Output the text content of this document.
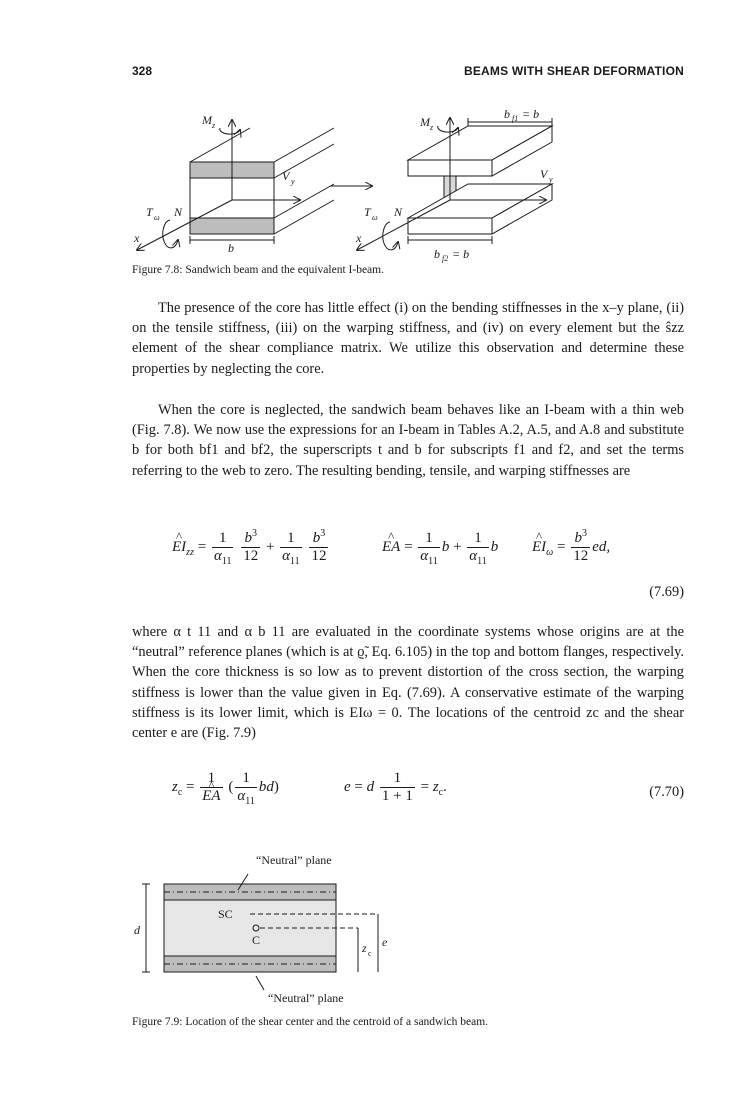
328	BEAMS WITH SHEAR DEFORMATION
M z
V y
T ω N
x
b
M z
b f1 = b
V y
T ω N
x
b f2 = b
Figure 7.8: Sandwich beam and the equivalent I-beam.

The presence of the core has little effect (i) on the bending stiffnesses in the x–y plane, (ii) on the tensile stiffness, (iii) on the warping stiffness, and (iv) on every element but the ŝzz element of the shear compliance matrix. We utilize this observation and determine these properties by neglecting the core.

When the core is neglected, the sandwich beam behaves like an I-beam with a thin web (Fig. 7.8). We now use the expressions for an I-beam in Tables A.2, A.5, and A.8 and substitute b for both bf1 and bf2, the superscripts t and b for subscripts f1 and f2, and set the terms referring to the web to zero. The resulting bending, tensile, and warping stiffnesses are

^ $EI_{zz} = \frac{1}{\alpha_{11}}$
$\frac{b^3}{12} + \frac{1}{\alpha_{11}}$
$\frac{b^3}{12}$	^ EA = $\frac{1}{\alpha_{11}}$ $b + \frac{1}{\alpha_{11}}$ b ^ $EI_\omega = \frac{b^3}{12}$ ed,
(7.69)

where α t 11 and α b 11 are evaluated in the coordinate systems whose origins are at the “neutral” reference planes (which is at ϱ̃, Eq. 6.105) in the top and bottom flanges, respectively. When the core thickness is so low as to prevent distortion of the cross section, the warping stiffness is lower than the value given in Eq. (7.69). A conservative estimate of the warping stiffness is its lower limit, which is EIω = 0. The locations of the centroid zc and the shear center e are (Fig. 7.9)

$z_c = 1$
^ EA ( $\frac{1}{\alpha_{11}} bd$)	e = d $\frac{1}{1 + 1} = z_c$.	(7.70)
“Neutral” plane
“Neutral” plane
SC
C
d
z c
e
Figure 7.9: Location of the shear center and the centroid of a sandwich beam.
